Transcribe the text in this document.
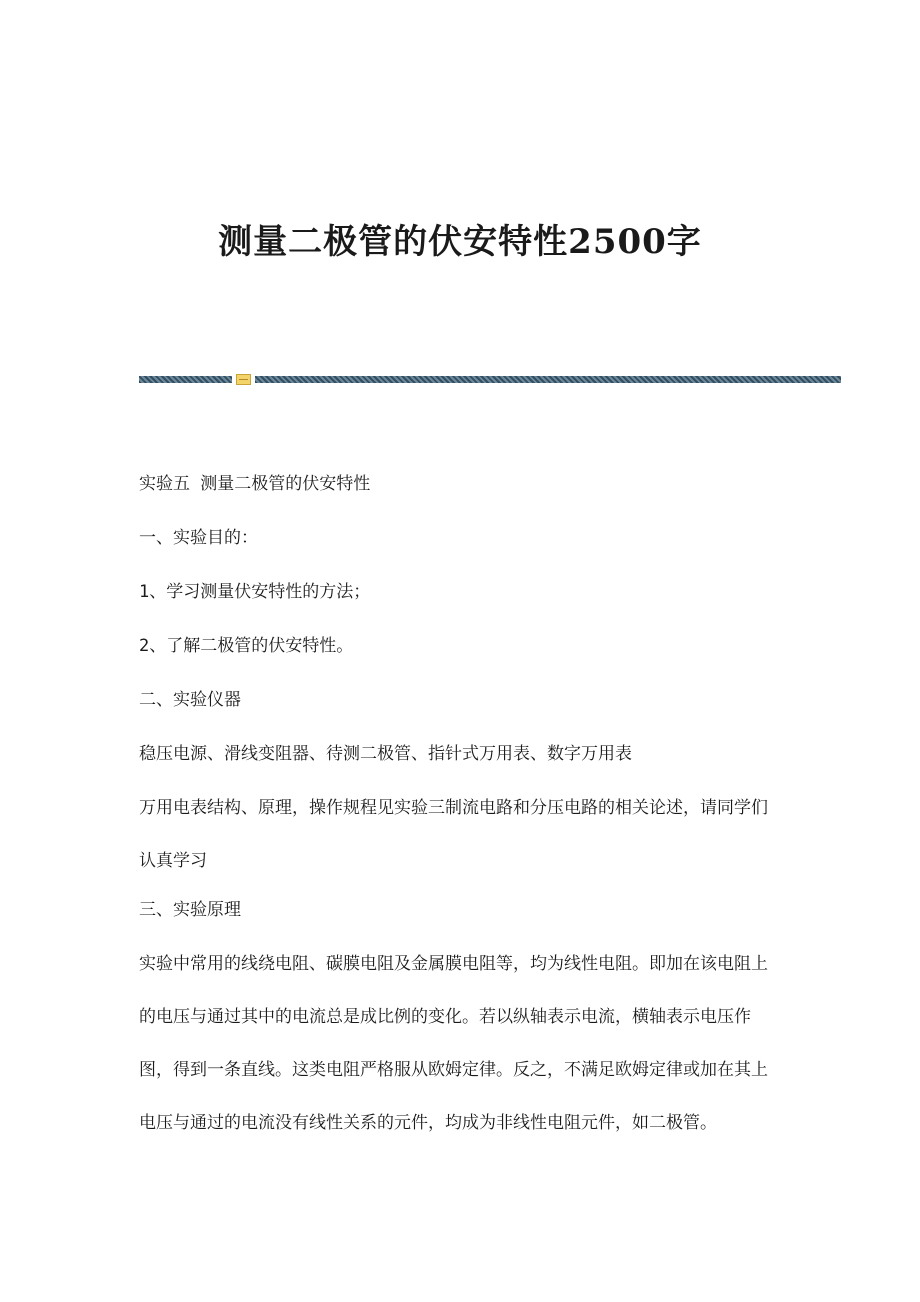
测量二极管的伏安特性2500字

实验五 测量二极管的伏安特性

一、实验目的：

1、学习测量伏安特性的方法；

2、了解二极管的伏安特性。

二、实验仪器

稳压电源、滑线变阻器、待测二极管、指针式万用表、数字万用表

万用电表结构、原理，操作规程见实验三制流电路和分压电路的相关论述，请同学们认真学习

三、实验原理

实验中常用的线绕电阻、碳膜电阻及金属膜电阻等，均为线性电阻。即加在该电阻上的电压与通过其中的电流总是成比例的变化。若以纵轴表示电流，横轴表示电压作图，得到一条直线。这类电阻严格服从欧姆定律。反之，不满足欧姆定律或加在其上电压与通过的电流没有线性关系的元件，均成为非线性电阻元件，如二极管。
